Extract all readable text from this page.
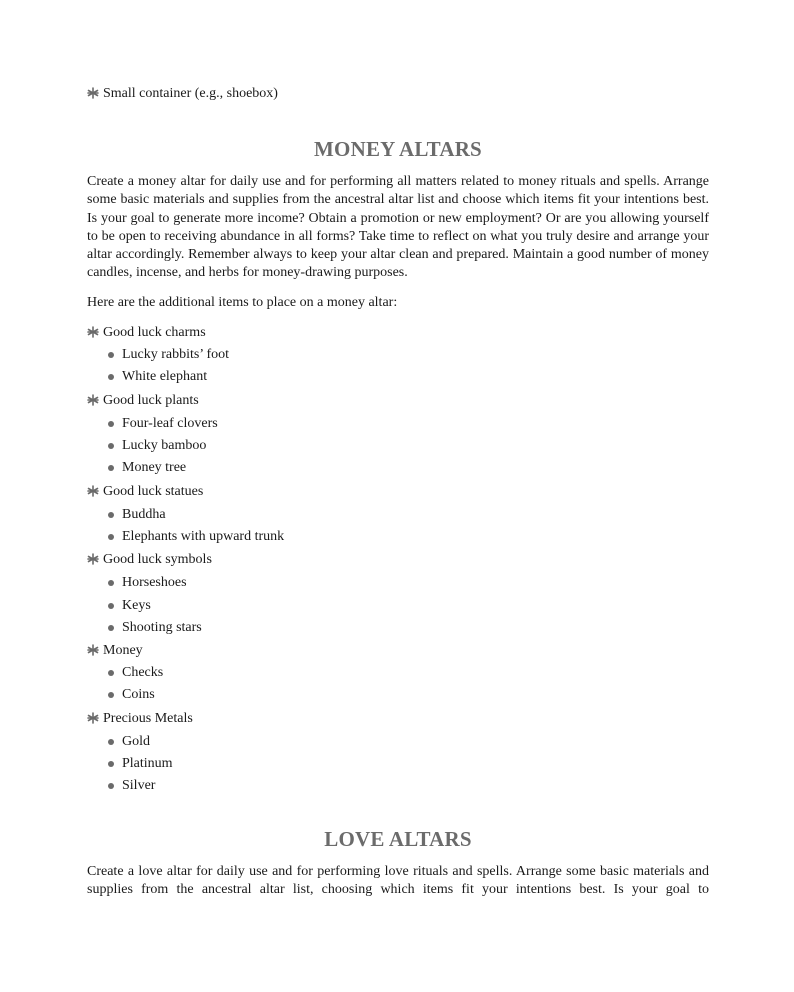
Small container (e.g., shoebox)
MONEY ALTARS

Create a money altar for daily use and for performing all matters related to money rituals and spells. Arrange some basic materials and supplies from the ancestral altar list and choose which items fit your intentions best. Is your goal to generate more income? Obtain a promotion or new employment? Or are you allowing yourself to be open to receiving abundance in all forms? Take time to reflect on what you truly desire and arrange your altar accordingly. Remember always to keep your altar clean and prepared. Maintain a good number of money candles, incense, and herbs for money-drawing purposes.

Here are the additional items to place on a money altar:

Good luck charms
Lucky rabbits’ foot
White elephant
Good luck plants
Four-leaf clovers
Lucky bamboo
Money tree
Good luck statues
Buddha
Elephants with upward trunk
Good luck symbols
Horseshoes
Keys
Shooting stars
Money
Checks
Coins
Precious Metals
Gold
Platinum
Silver
LOVE ALTARS

Create a love altar for daily use and for performing love rituals and spells. Arrange some basic materials and supplies from the ancestral altar list, choosing which items fit your intentions best. Is your goal to
